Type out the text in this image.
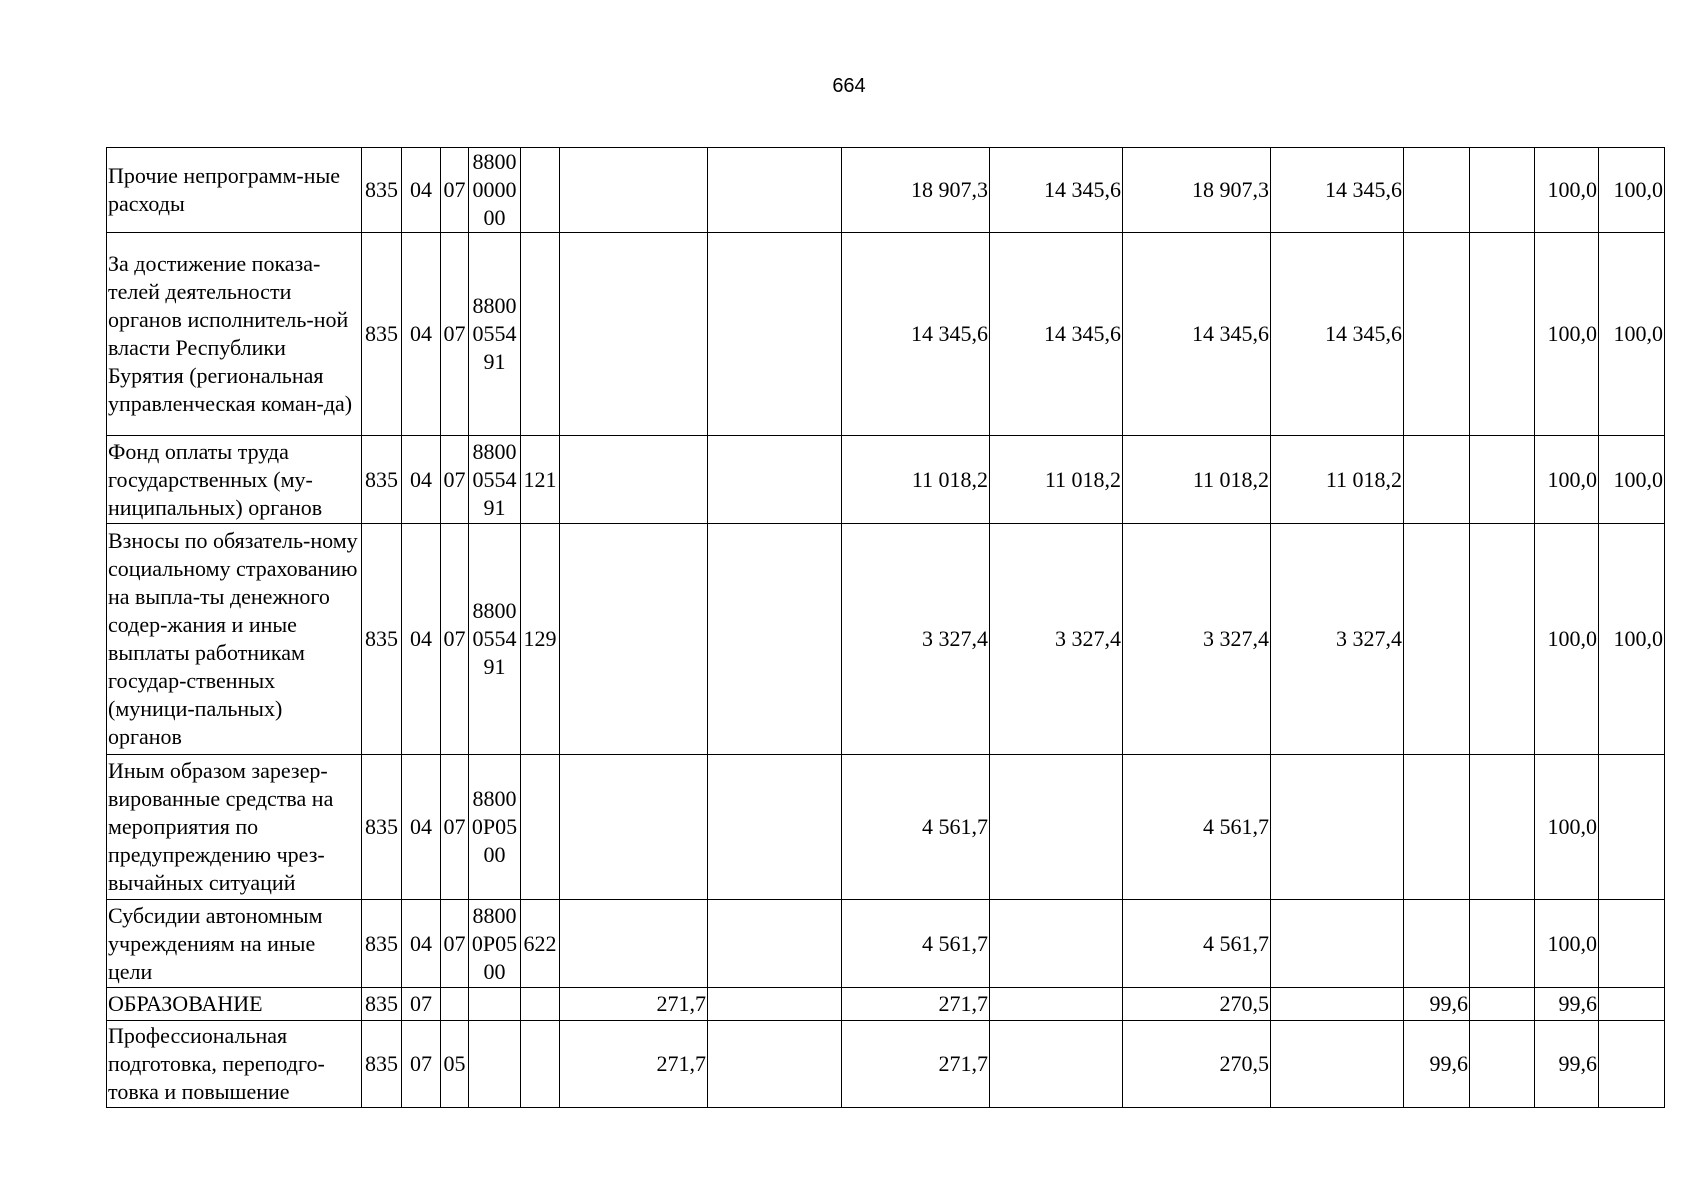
664
Прочие непрограмм-ные расходы	835	04	07	88000000 00				18 907,3	14 345,6	18 907,3	14 345,6			100,0	100,0
За достижение показа-телей деятельности органов исполнитель-ной власти Республики Бурятия (региональная управленческая коман-да)	835	04	07	88000554 91				14 345,6	14 345,6	14 345,6	14 345,6			100,0	100,0
Фонд оплаты труда государственных (му-ниципальных) органов	835	04	07	88000554 91	121			11 018,2	11 018,2	11 018,2	11 018,2			100,0	100,0
Взносы по обязатель-ному социальному страхованию на выпла-ты денежного содер-жания и иные выплаты работникам государ-ственных (муници-пальных) органов	835	04	07	88000554 91	129			3 327,4	3 327,4	3 327,4	3 327,4			100,0	100,0
Иным образом зарезер-вированные средства на мероприятия по предупреждению чрез-вычайных ситуаций	835	04	07	88000P05 00				4 561,7		4 561,7				100,0	
Субсидии автономным учреждениям на иные цели	835	04	07	88000P05 00	622			4 561,7		4 561,7				100,0	
ОБРАЗОВАНИЕ	835	07				271,7		271,7		270,5		99,6		99,6	
Профессиональная подготовка, переподго-товка и повышение	835	07	05			271,7		271,7		270,5		99,6		99,6	
